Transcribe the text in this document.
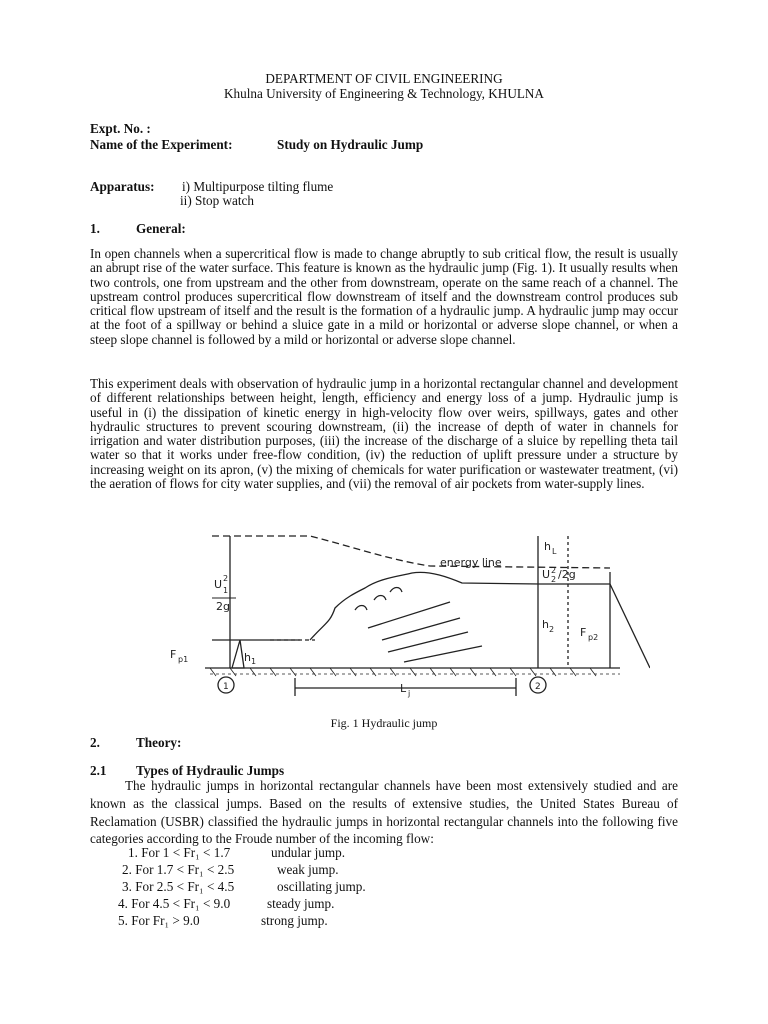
DEPARTMENT OF CIVIL ENGINEERING
Khulna University of Engineering & Technology, KHULNA
Expt. No. :
Name of the Experiment:	Study on Hydraulic Jump
Apparatus: i) Multipurpose tilting flume
ii) Stop watch
1.	General:
In open channels when a supercritical flow is made to change abruptly to sub critical flow, the result is usually an abrupt rise of the water surface. This feature is known as the hydraulic jump (Fig. 1). It usually results when two controls, one from upstream and the other from downstream, operate on the same reach of a channel. The upstream control produces supercritical flow downstream of itself and the downstream control produces sub critical flow upstream of itself and the result is the formation of a hydraulic jump. A hydraulic jump may occur at the foot of a spillway or behind a sluice gate in a mild or horizontal or adverse slope channel, or when a steep slope channel is followed by a mild or horizontal or adverse slope channel.
This experiment deals with observation of hydraulic jump in a horizontal rectangular channel and development of different relationships between height, length, efficiency and energy loss of a jump. Hydraulic jump is useful in (i) the dissipation of kinetic energy in high-velocity flow over weirs, spillways, gates and other hydraulic structures to prevent scouring downstream, (ii) the increase of depth of water in channels for irrigation and water distribution purposes, (iii) the increase of the discharge of a sluice by repelling theta tail water so that it works under free-flow condition, (iv) the reduction of uplift pressure under a structure by increasing weight on its apron, (v) the mixing of chemicals for water purification or wastewater treatment, (vi) the aeration of flows for city water supplies, and (vii) the removal of air pockets from water-supply lines.
energy line
h L
U 2
1
2g
U 2
2 /2g
h 1
h 2
F p1
F p2
L j
1	2
Fig. 1 Hydraulic jump
2.	Theory:
2.1 Types of Hydraulic Jumps
The hydraulic jumps in horizontal rectangular channels have been most extensively studied and are known as the classical jumps. Based on the results of extensive studies, the United States Bureau of Reclamation (USBR) classified the hydraulic jumps in horizontal rectangular channels into the following five categories according to the Froude number of the incoming flow:
1. For 1 < Fr₁ < 1.7	undular jump.
2. For 1.7 < Fr₁ < 2.5	weak jump.
3. For 2.5 < Fr₁ < 4.5	oscillating jump.
4. For 4.5 < Fr₁ < 9.0	steady jump.
5. For Fr₁ > 9.0	strong jump.
